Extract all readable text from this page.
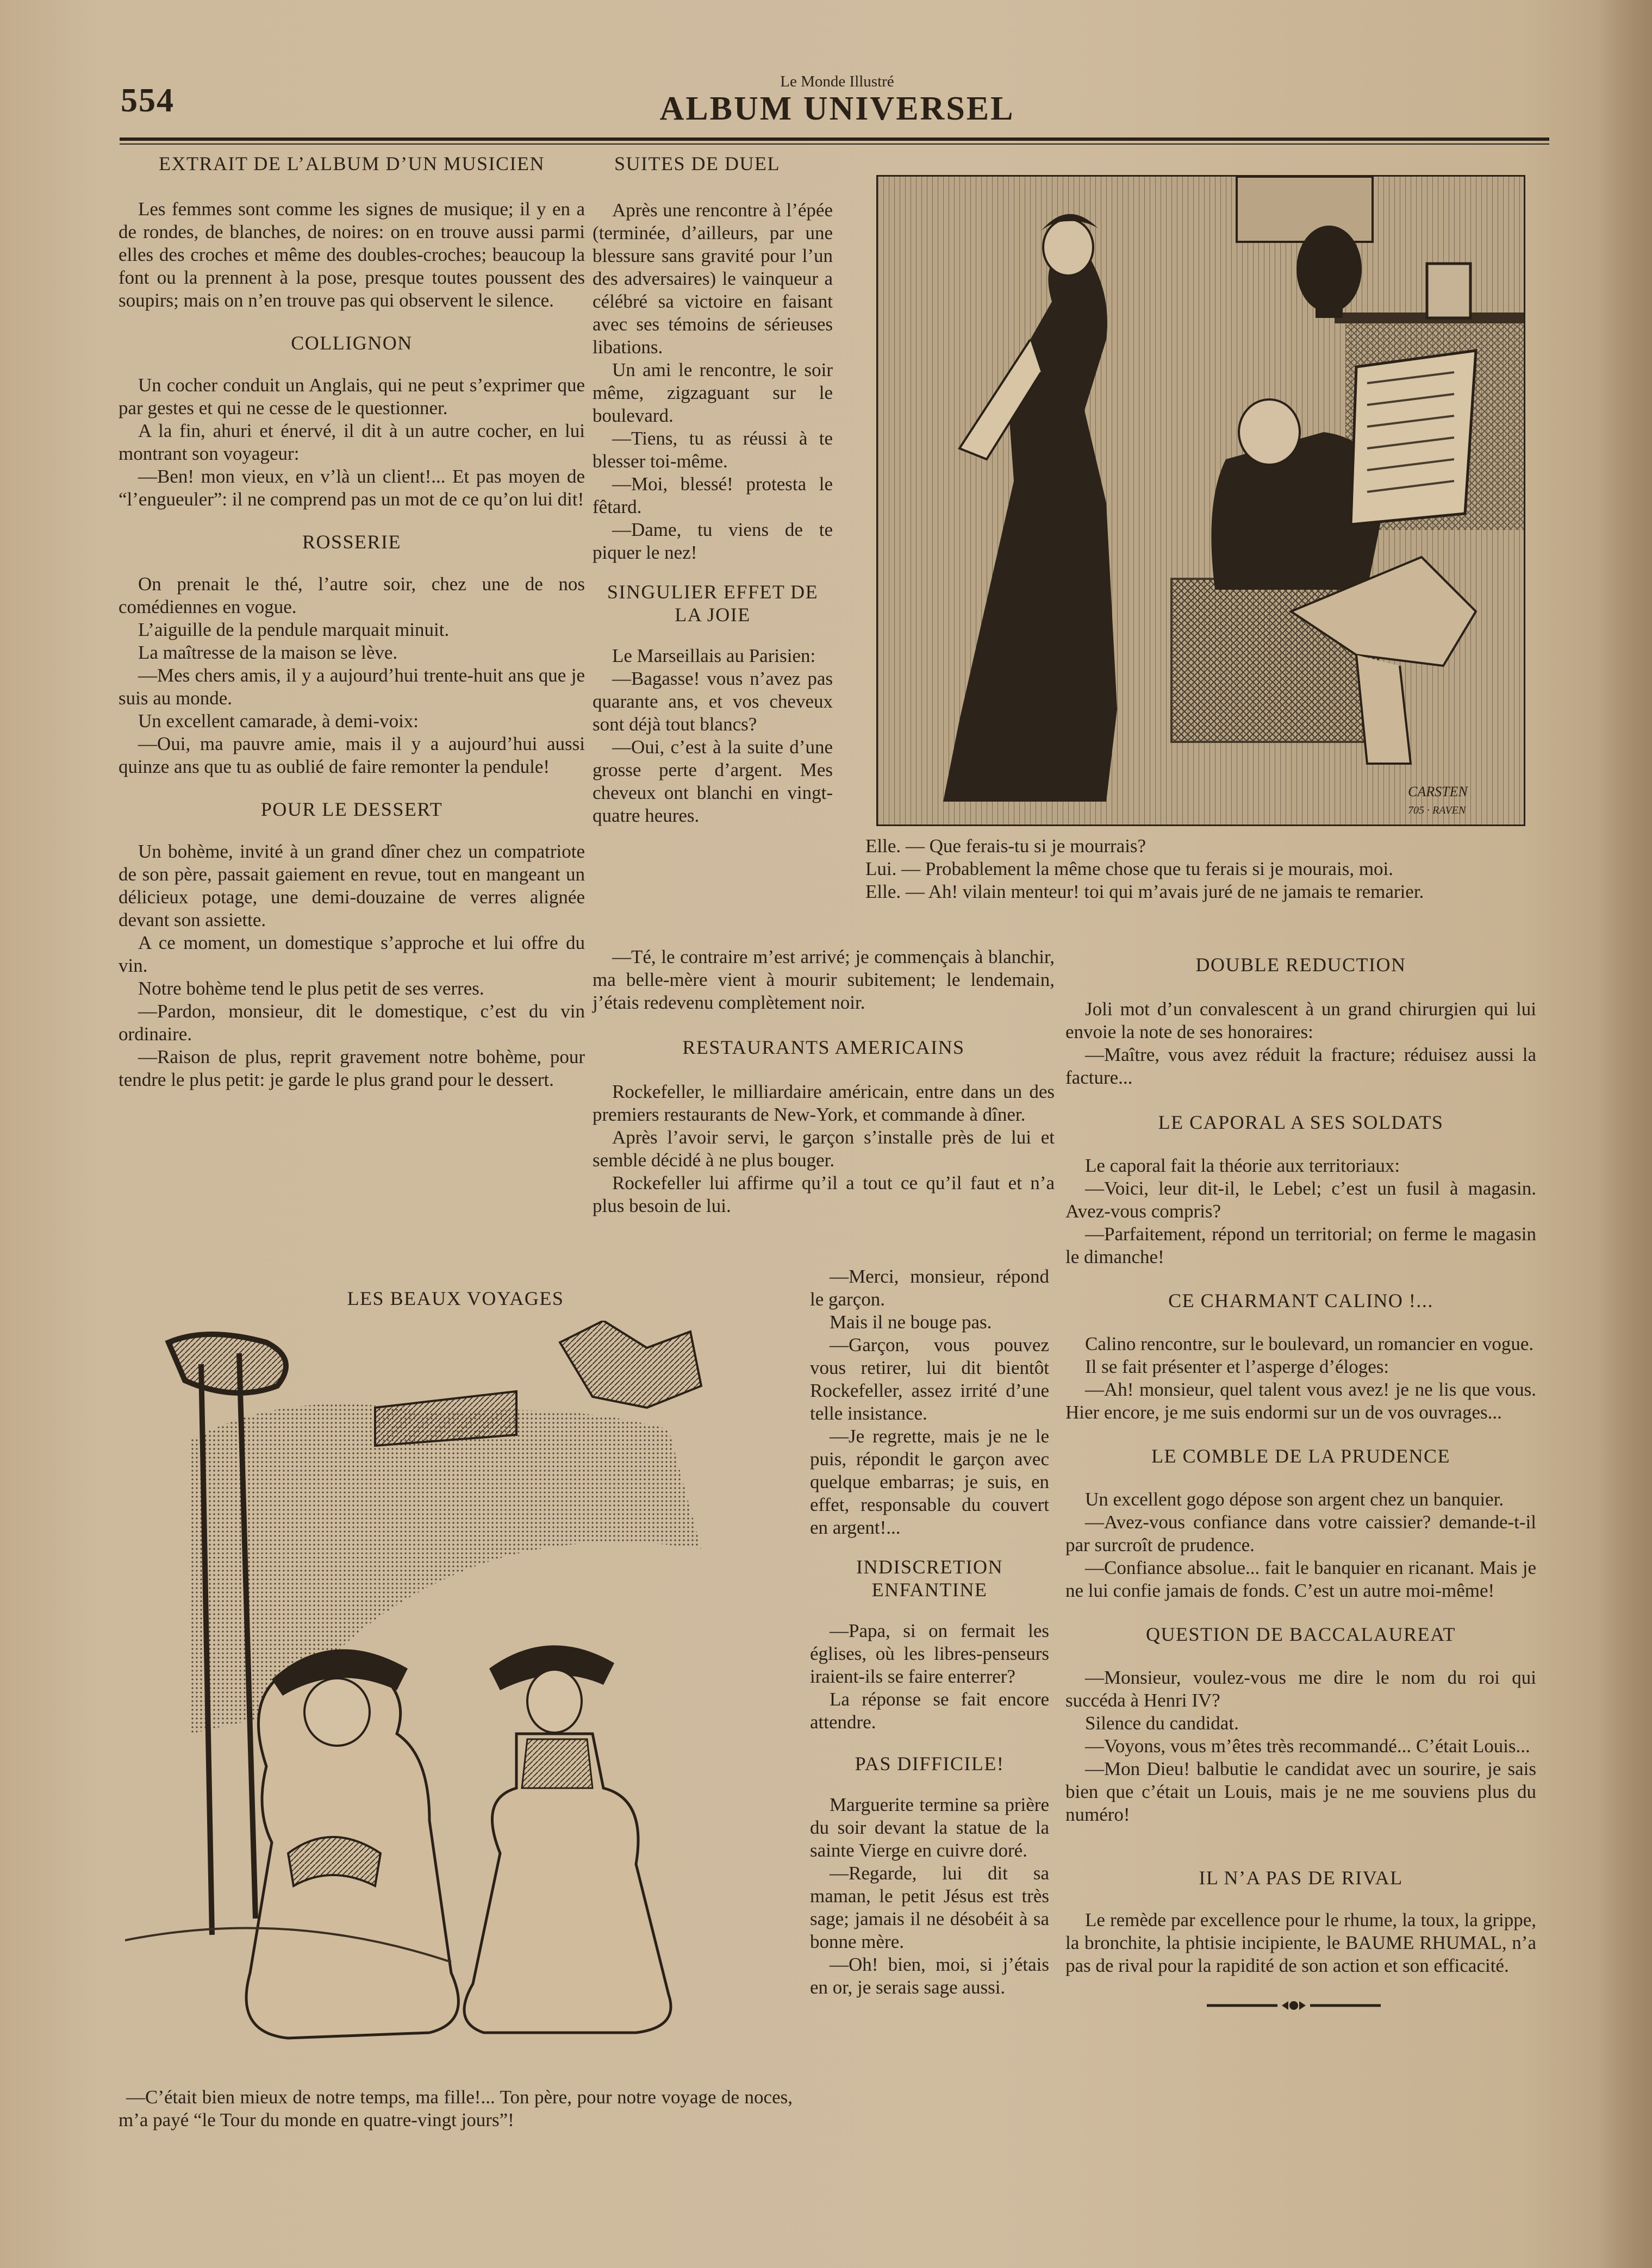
554
Le Monde Illustré
ALBUM UNIVERSEL
EXTRAIT DE L’ALBUM D’UN MUSICIEN

Les femmes sont comme les signes de musique; il y en a de rondes, de blanches, de noires: on en trouve aussi parmi elles des croches et même des doubles-croches; beaucoup la font ou la prennent à la pose, presque toutes poussent des soupirs; mais on n’en trouve pas qui observent le silence.

COLLIGNON

Un cocher conduit un Anglais, qui ne peut s’exprimer que par gestes et qui ne cesse de le questionner.

A la fin, ahuri et énervé, il dit à un autre cocher, en lui montrant son voyageur:

—Ben! mon vieux, en v’là un client!... Et pas moyen de “l’engueuler”: il ne comprend pas un mot de ce qu’on lui dit!

ROSSERIE

On prenait le thé, l’autre soir, chez une de nos comédiennes en vogue.

L’aiguille de la pendule marquait minuit.

La maîtresse de la maison se lève.

—Mes chers amis, il y a aujourd’hui trente-huit ans que je suis au monde.

Un excellent camarade, à demi-voix:

—Oui, ma pauvre amie, mais il y a aujourd’hui aussi quinze ans que tu as oublié de faire remonter la pendule!

POUR LE DESSERT

Un bohème, invité à un grand dîner chez un compatriote de son père, passait gaiement en revue, tout en mangeant un délicieux potage, une demi-douzaine de verres alignée devant son assiette.

A ce moment, un domestique s’approche et lui offre du vin.

Notre bohème tend le plus petit de ses verres.

—Pardon, monsieur, dit le domestique, c’est du vin ordinaire.

—Raison de plus, reprit gravement notre bohème, pour tendre le plus petit: je garde le plus grand pour le dessert.

SUITES DE DUEL

Après une rencontre à l’épée (terminée, d’ailleurs, par une blessure sans gravité pour l’un des adversaires) le vainqueur a célébré sa victoire en faisant avec ses témoins de sérieuses libations.

Un ami le rencontre, le soir même, zigzaguant sur le boulevard.

—Tiens, tu as réussi à te blesser toi-même.

—Moi, blessé! protesta le fêtard.

—Dame, tu viens de te piquer le nez!

SINGULIER EFFET DE LA JOIE

Le Marseillais au Parisien:

—Bagasse! vous n’avez pas quarante ans, et vos cheveux sont déjà tout blancs?

—Oui, c’est à la suite d’une grosse perte d’argent. Mes cheveux ont blanchi en vingt-quatre heures.

CARSTEN
705 · RAVEN

Elle. — Que ferais-tu si je mourrais?

Lui. — Probablement la même chose que tu ferais si je mourais, moi.

Elle. — Ah! vilain menteur! toi qui m’avais juré de ne jamais te remarier.

—Té, le contraire m’est arrivé; je commençais à blanchir, ma belle-mère vient à mourir subitement; le lendemain, j’étais redevenu complètement noir.

RESTAURANTS AMERICAINS

Rockefeller, le milliardaire américain, entre dans un des premiers restaurants de New-York, et commande à dîner.

Après l’avoir servi, le garçon s’installe près de lui et semble décidé à ne plus bouger.

Rockefeller lui affirme qu’il a tout ce qu’il faut et n’a plus besoin de lui.

LES BEAUX VOYAGES

—C’était bien mieux de notre temps, ma fille!... Ton père, pour notre voyage de noces, m’a payé “le Tour du monde en quatre-vingt jours”!

—Merci, monsieur, répond le garçon.

Mais il ne bouge pas.

—Garçon, vous pouvez vous retirer, lui dit bientôt Rockefeller, assez irrité d’une telle insistance.

—Je regrette, mais je ne le puis, répondit le garçon avec quelque embarras; je suis, en effet, responsable du couvert en argent!...

INDISCRETION ENFANTINE

—Papa, si on fermait les églises, où les libres-penseurs iraient-ils se faire enterrer?

La réponse se fait encore attendre.

PAS DIFFICILE!

Marguerite termine sa prière du soir devant la statue de la sainte Vierge en cuivre doré.

—Regarde, lui dit sa maman, le petit Jésus est très sage; jamais il ne désobéit à sa bonne mère.

—Oh! bien, moi, si j’étais en or, je serais sage aussi.

DOUBLE REDUCTION

Joli mot d’un convalescent à un grand chirurgien qui lui envoie la note de ses honoraires:

—Maître, vous avez réduit la fracture; réduisez aussi la facture...

LE CAPORAL A SES SOLDATS

Le caporal fait la théorie aux territoriaux:

—Voici, leur dit-il, le Lebel; c’est un fusil à magasin. Avez-vous compris?

—Parfaitement, répond un territorial; on ferme le magasin le dimanche!

CE CHARMANT CALINO !...

Calino rencontre, sur le boulevard, un romancier en vogue.

Il se fait présenter et l’asperge d’éloges:

—Ah! monsieur, quel talent vous avez! je ne lis que vous. Hier encore, je me suis endormi sur un de vos ouvrages...

LE COMBLE DE LA PRUDENCE

Un excellent gogo dépose son argent chez un banquier.

—Avez-vous confiance dans votre caissier? demande-t-il par surcroît de prudence.

—Confiance absolue... fait le banquier en ricanant. Mais je ne lui confie jamais de fonds. C’est un autre moi-même!

QUESTION DE BACCALAUREAT

—Monsieur, voulez-vous me dire le nom du roi qui succéda à Henri IV?

Silence du candidat.

—Voyons, vous m’êtes très recommandé... C’était Louis...

—Mon Dieu! balbutie le candidat avec un sourire, je sais bien que c’était un Louis, mais je ne me souviens plus du numéro!

IL N’A PAS DE RIVAL

Le remède par excellence pour le rhume, la toux, la grippe, la bronchite, la phtisie incipiente, le BAUME RHUMAL, n’a pas de rival pour la rapidité de son action et son efficacité.
